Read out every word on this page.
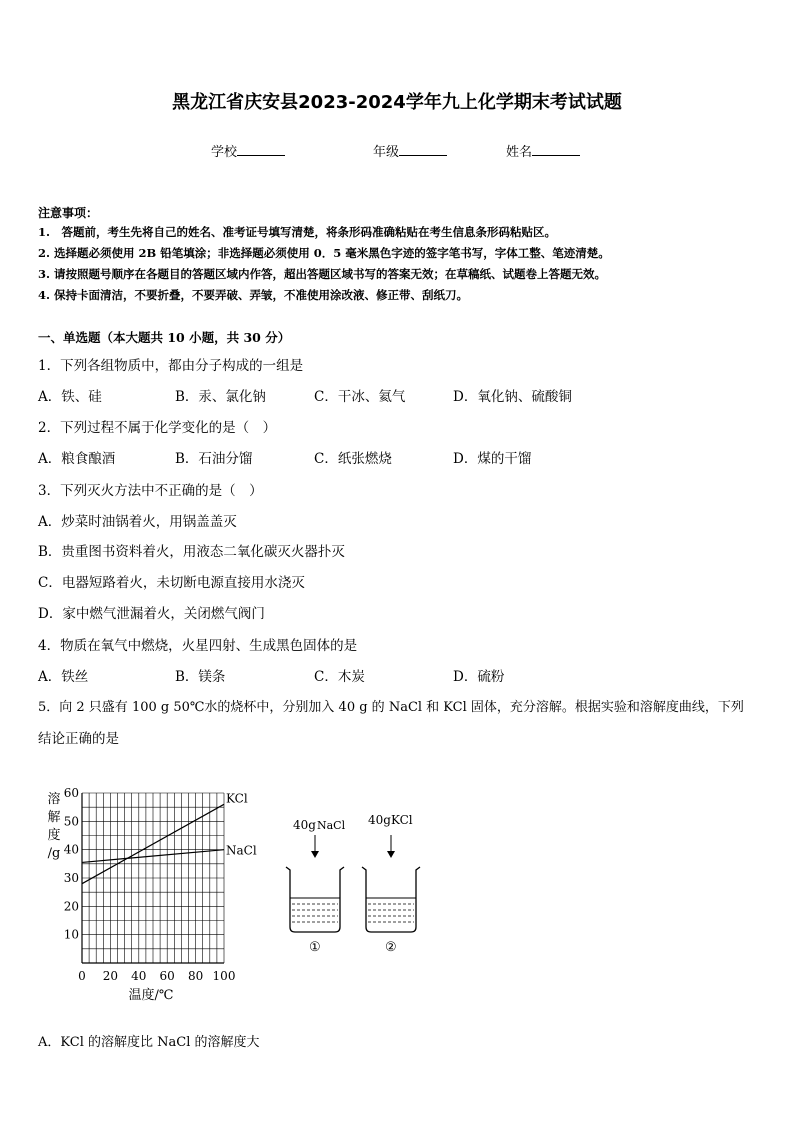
黑龙江省庆安县2023-2024学年九上化学期末考试试题
学校	年级	姓名
注意事项：
1.　答题前，考生先将自己的姓名、准考证号填写清楚，将条形码准确粘贴在考生信息条形码粘贴区。
2. 选择题必须使用 2B 铅笔填涂；非选择题必须使用 0．5 毫米黑色字迹的签字笔书写，字体工整、笔迹清楚。
3. 请按照题号顺序在各题目的答题区域内作答，超出答题区域书写的答案无效；在草稿纸、试题卷上答题无效。
4. 保持卡面清洁，不要折叠，不要弄破、弄皱，不准使用涂改液、修正带、刮纸刀。
一、单选题（本大题共 10 小题，共 30 分）
1．下列各组物质中，都由分子构成的一组是
A．铁、硅	B．汞、氯化钠	C．干冰、氦气	D．氧化钠、硫酸铜
2．下列过程不属于化学变化的是（　）
A．粮食酿酒	B．石油分馏	C．纸张燃烧	D．煤的干馏
3．下列灭火方法中不正确的是（　）
A．炒菜时油锅着火，用锅盖盖灭
B．贵重图书资料着火，用液态二氧化碳灭火器扑灭
C．电器短路着火，未切断电源直接用水浇灭
D．家中燃气泄漏着火，关闭燃气阀门
4．物质在氧气中燃烧，火星四射、生成黑色固体的是
A．铁丝	B．镁条	C．木炭	D．硫粉
5．向 2 只盛有 100 g 50℃水的烧杯中，分别加入 40 g 的 NaCl 和 KCl 固体，充分溶解。根据实验和溶解度曲线，下列
结论正确的是
0 20 40 60 80 100
10
20
30
40
50
60
溶
解
度
/g
温度/℃
KCl
NaCl
40g NaCl
①
40gKCl
②
A．KCl 的溶解度比 NaCl 的溶解度大
